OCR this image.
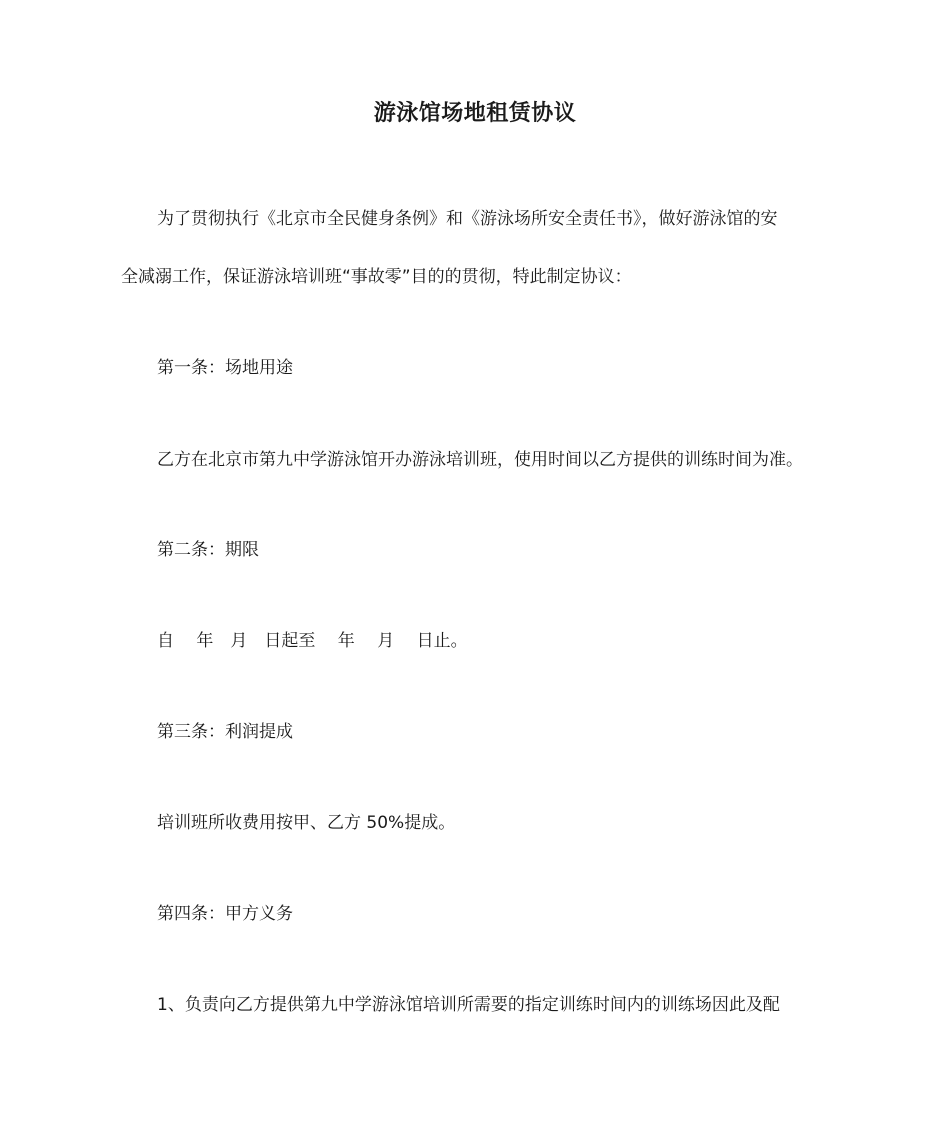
游泳馆场地租赁协议
为了贯彻执行《北京市全民健身条例》和《游泳场所安全责任书》，做好游泳馆的安
全减溺工作，保证游泳培训班“事故零”目的的贯彻，特此制定协议：
第一条：场地用途
乙方在北京市第九中学游泳馆开办游泳培训班，使用时间以乙方提供的训练时间为准。
第二条：期限
自　 年　月　日起至　 年　 月　 日止。
第三条：利润提成
培训班所收费用按甲、乙方 50%提成。
第四条：甲方义务
1、负责向乙方提供第九中学游泳馆培训所需要的指定训练时间内的训练场因此及配
